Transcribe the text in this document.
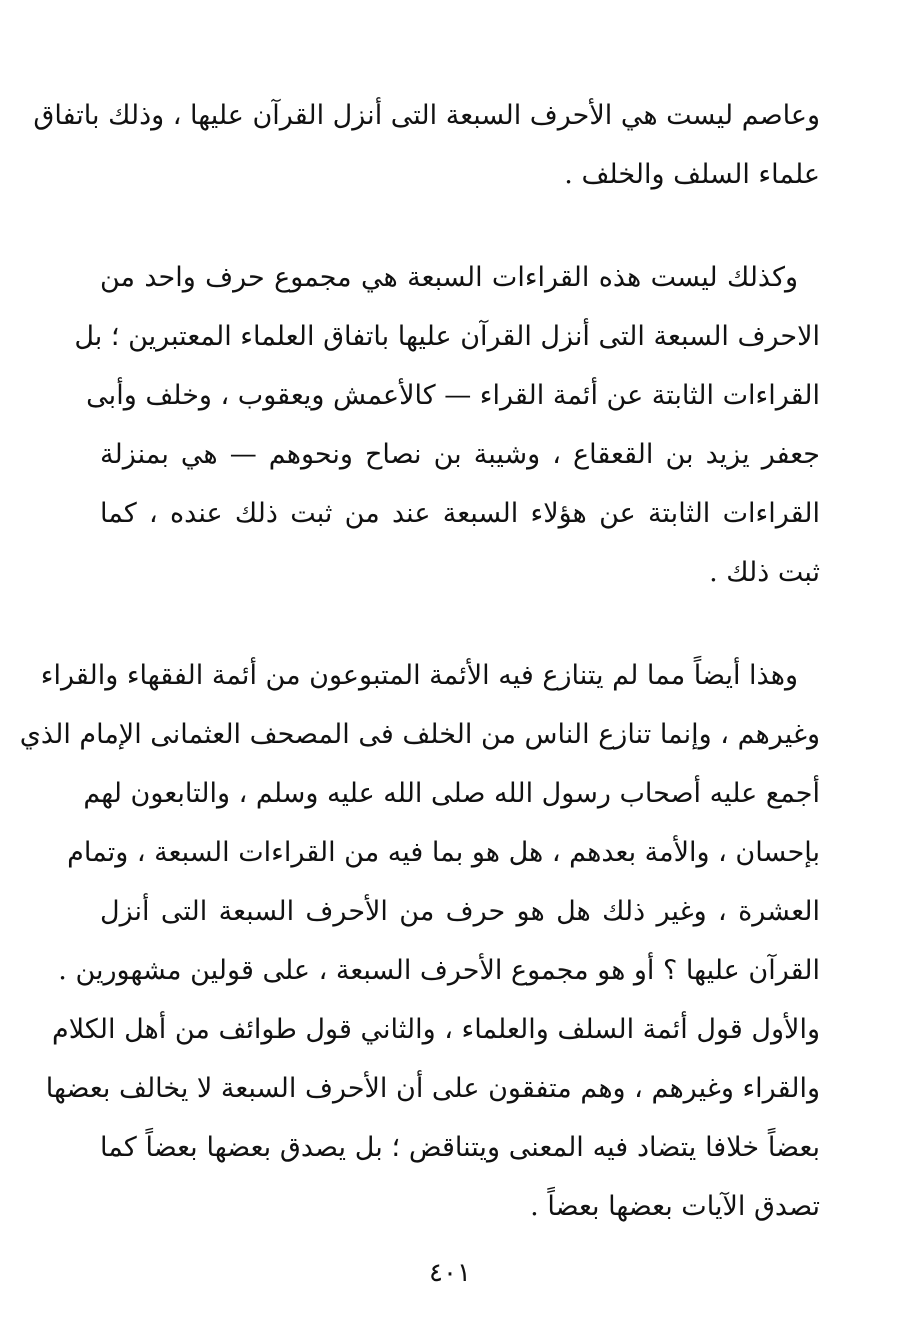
وعاصم ليست هي الأحرف السبعة التى أنزل القرآن عليها ، وذلك باتفاق
علماء السلف والخلف .
وكذلك ليست هذه القراءات السبعة هي مجموع حرف واحد من
الاحرف السبعة التى أنزل القرآن عليها باتفاق العلماء المعتبرين ؛ بل
القراءات الثابتة عن أئمة القراء — كالأعمش ويعقوب ، وخلف وأبى
جعفر يزيد بن القعقاع ، وشيبة بن نصاح ونحوهم — هي بمنزلة
القراءات الثابتة عن هؤلاء السبعة عند من ثبت ذلك عنده ، كما
ثبت ذلك .
وهذا أيضاً مما لم يتنازع فيه الأئمة المتبوعون من أئمة الفقهاء والقراء
وغيرهم ، وإنما تنازع الناس من الخلف فى المصحف العثمانى الإمام الذي
أجمع عليه أصحاب رسول الله صلى الله عليه وسلم ، والتابعون لهم
بإحسان ، والأمة بعدهم ، هل هو بما فيه من القراءات السبعة ، وتمام
العشرة ، وغير ذلك هل هو حرف من الأحرف السبعة التى أنزل
القرآن عليها ؟ أو هو مجموع الأحرف السبعة ، على قولين مشهورين .
والأول قول أئمة السلف والعلماء ، والثاني قول طوائف من أهل الكلام
والقراء وغيرهم ، وهم متفقون على أن الأحرف السبعة لا يخالف بعضها
بعضاً خلافا يتضاد فيه المعنى ويتناقض ؛ بل يصدق بعضها بعضاً كما
تصدق الآيات بعضها بعضاً .
٤٠١
